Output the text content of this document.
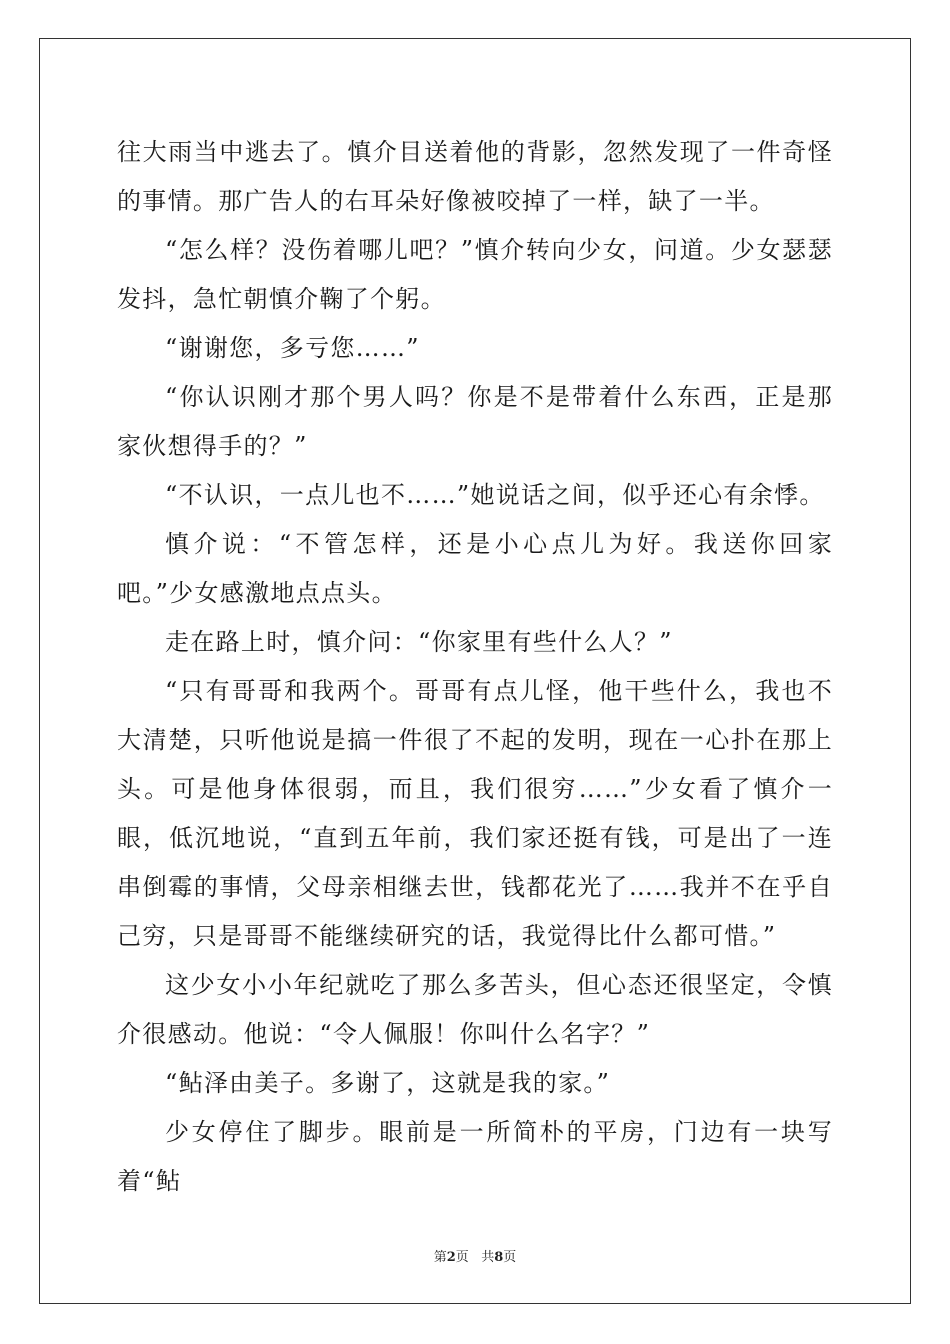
往大雨当中逃去了。慎介目送着他的背影，忽然发现了一件奇怪的事情。那广告人的右耳朵好像被咬掉了一样，缺了一半。

“怎么样？没伤着哪儿吧？”慎介转向少女，问道。少女瑟瑟发抖，急忙朝慎介鞠了个躬。

“谢谢您，多亏您……”

“你认识刚才那个男人吗？你是不是带着什么东西，正是那家伙想得手的？”

“不认识，一点儿也不……”她说话之间，似乎还心有余悸。

慎介说：“不管怎样，还是小心点儿为好。我送你回家吧。”少女感激地点点头。

走在路上时，慎介问：“你家里有些什么人？”

“只有哥哥和我两个。哥哥有点儿怪，他干些什么，我也不大清楚，只听他说是搞一件很了不起的发明，现在一心扑在那上头。可是他身体很弱，而且，我们很穷……”少女看了慎介一眼，低沉地说，“直到五年前，我们家还挺有钱，可是出了一连串倒霉的事情，父母亲相继去世，钱都花光了……我并不在乎自己穷，只是哥哥不能继续研究的话，我觉得比什么都可惜。”

这少女小小年纪就吃了那么多苦头，但心态还很坚定，令慎介很感动。他说：“令人佩服！你叫什么名字？”

“鲇泽由美子。多谢了，这就是我的家。”

少女停住了脚步。眼前是一所简朴的平房，门边有一块写着“鲇

第2页 共8页
